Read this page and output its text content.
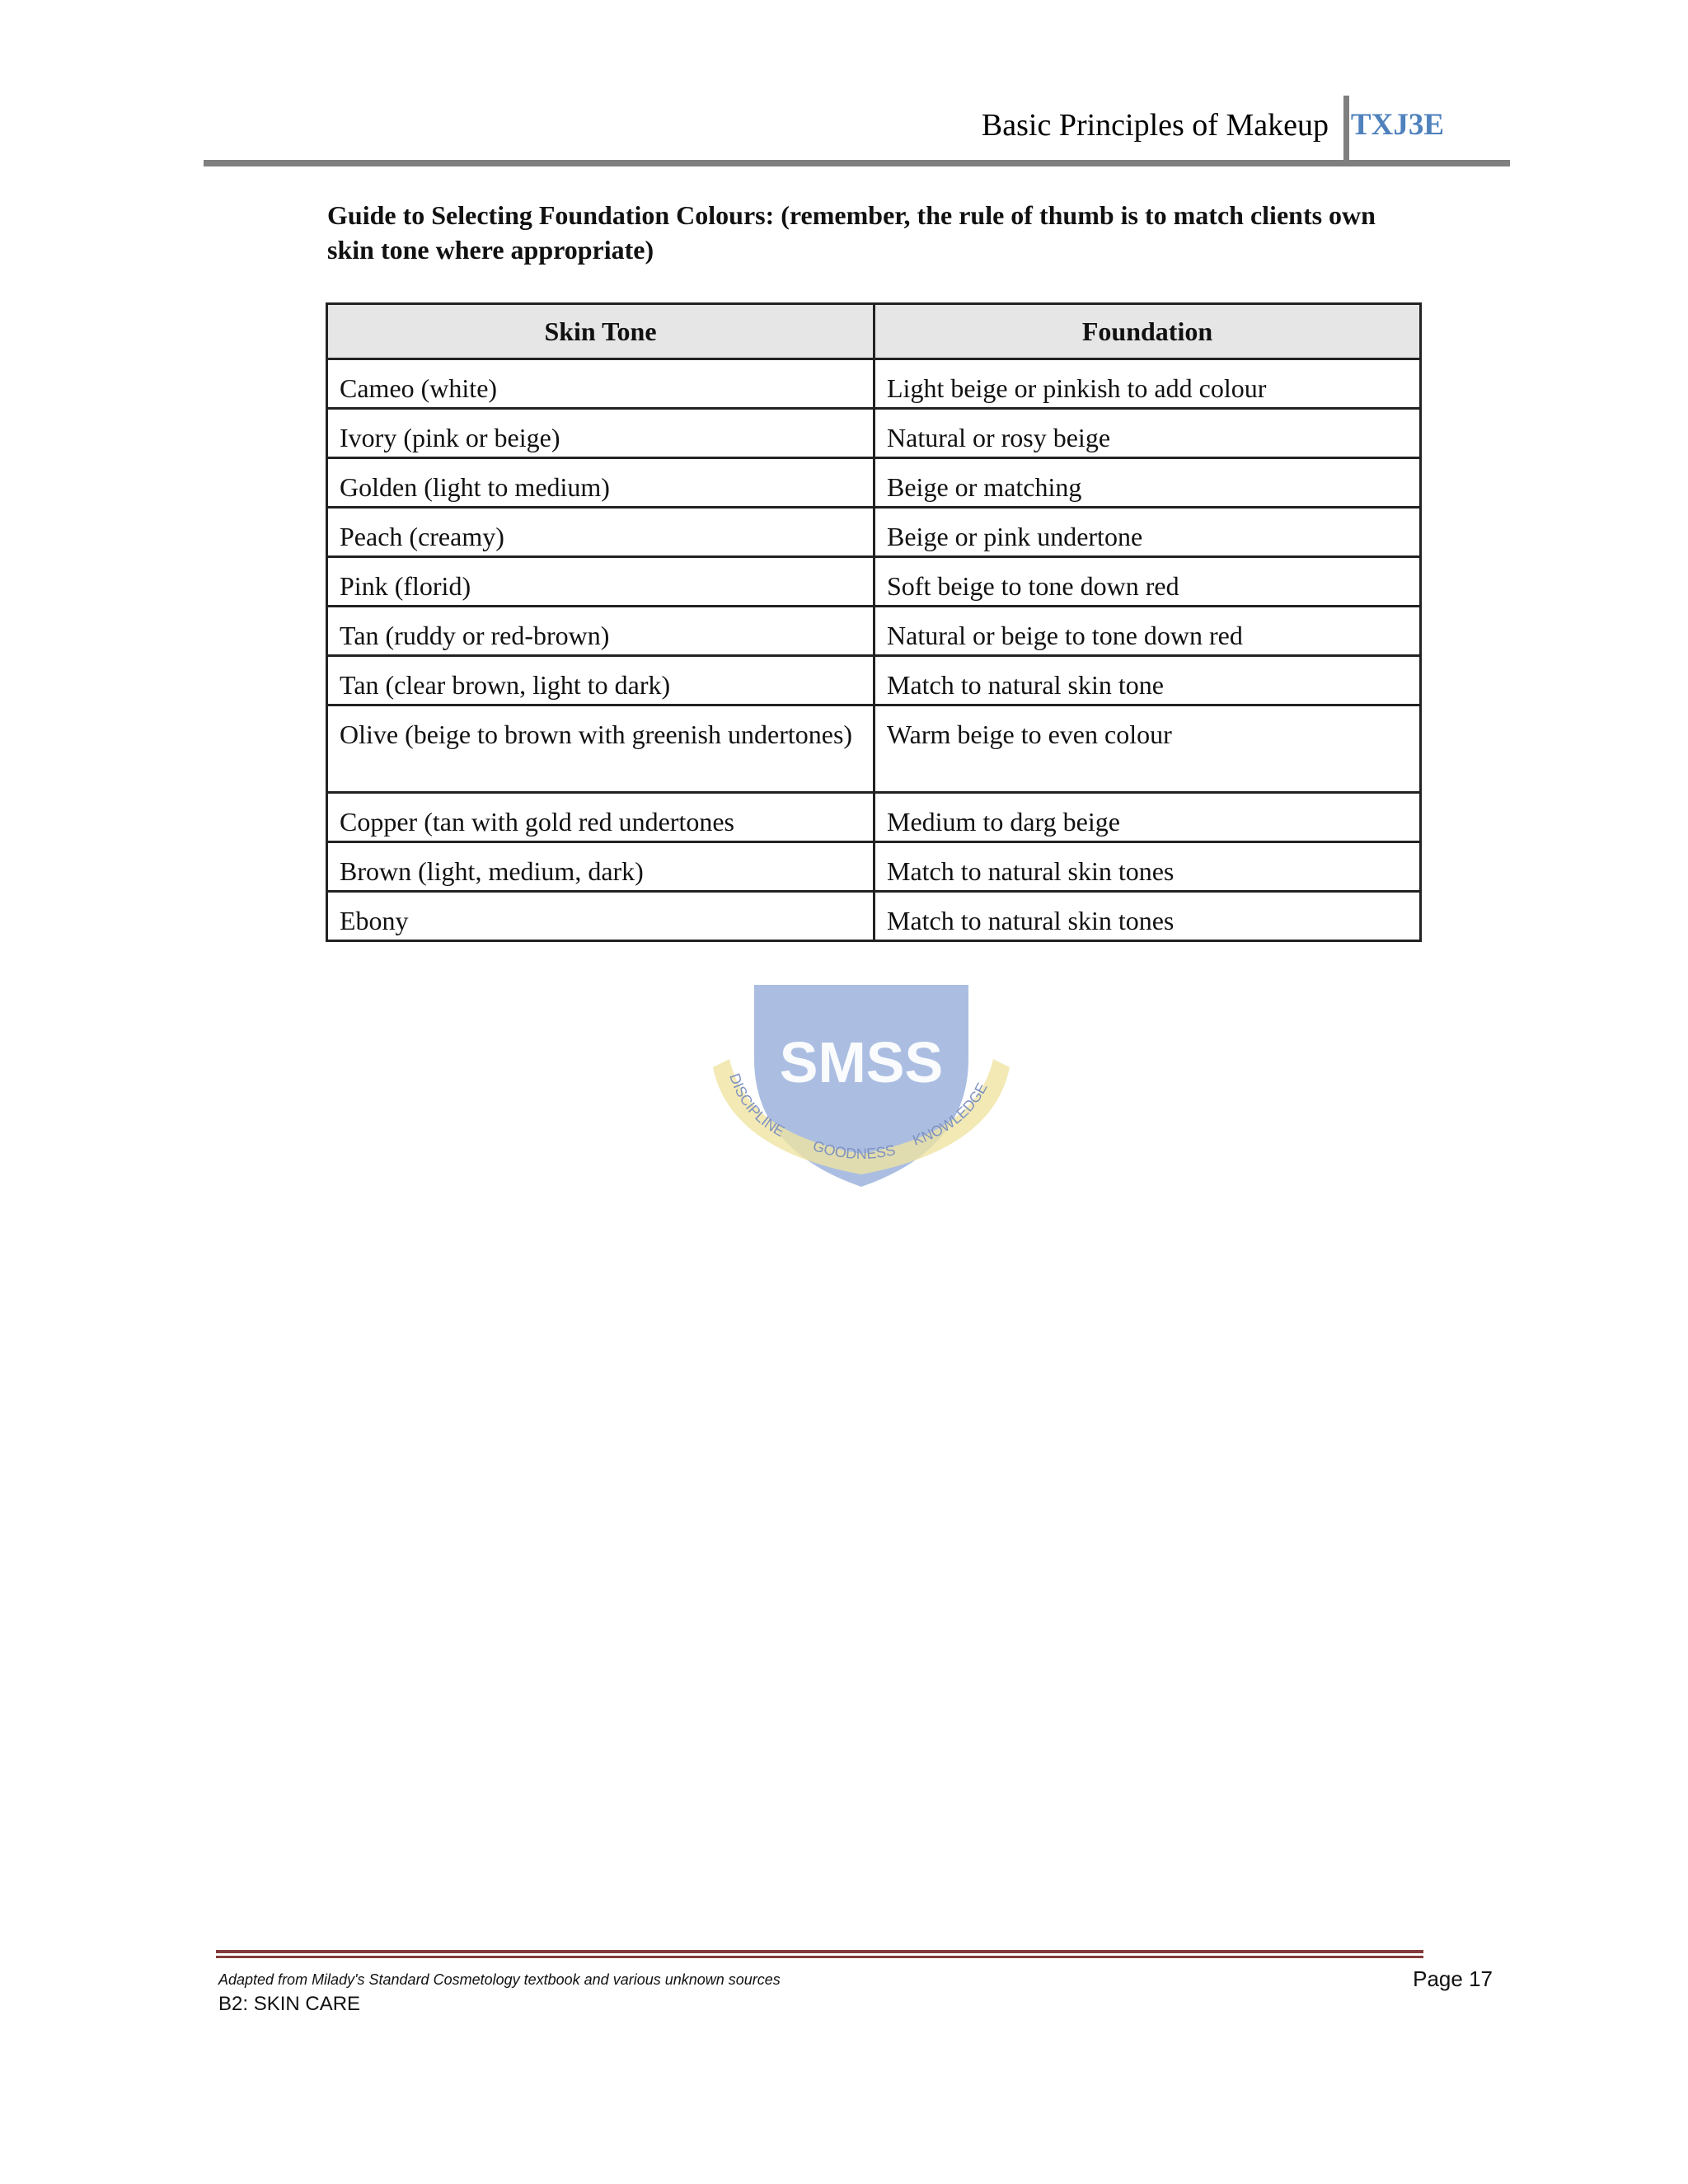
Basic Principles of Makeup TXJ3E
Guide to Selecting Foundation Colours: (remember, the rule of thumb is to match clients own skin tone where appropriate)
Skin Tone	Foundation
Cameo (white)	Light beige or pinkish to add colour
Ivory (pink or beige)	Natural or rosy beige
Golden (light to medium)	Beige or matching
Peach (creamy)	Beige or pink undertone
Pink (florid)	Soft beige to tone down red
Tan (ruddy or red-brown)	Natural or beige to tone down red
Tan (clear brown, light to dark)	Match to natural skin tone
Olive (beige to brown with greenish undertones)	Warm beige to even colour
Copper (tan with gold red undertones	Medium to darg beige
Brown (light, medium, dark)	Match to natural skin tones
Ebony	Match to natural skin tones
SMSS
DISCIPLINE
GOODNESS
KNOWLEDGE
Adapted from Milady's Standard Cosmetology textbook and various unknown sources	Page 17
B2: SKIN CARE
